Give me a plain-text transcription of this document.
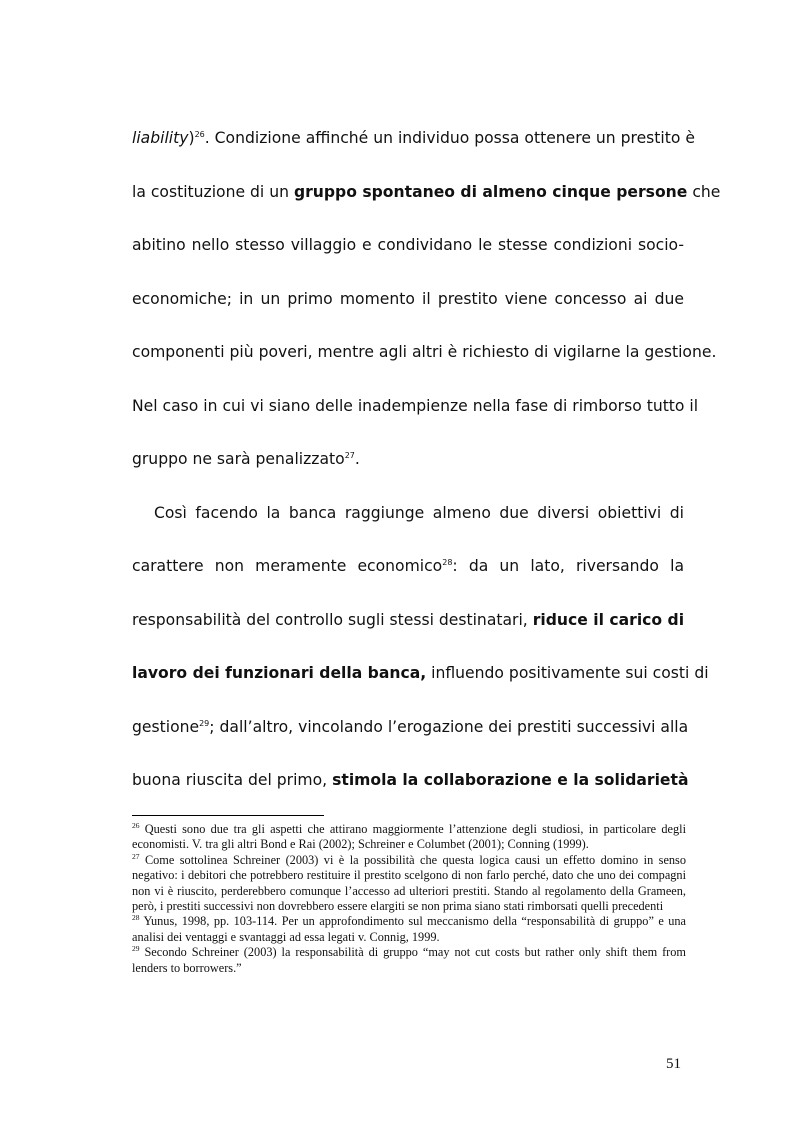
liability)$^{26}$. Condizione affinché un individuo possa ottenere un prestito è
la costituzione di un gruppo spontaneo di almeno cinque persone che
abitino nello stesso villaggio e condividano le stesse condizioni socio-
economiche; in un primo momento il prestito viene concesso ai due
componenti più poveri, mentre agli altri è richiesto di vigilarne la gestione.
Nel caso in cui vi siano delle inadempienze nella fase di rimborso tutto il
gruppo ne sarà penalizzato$^{27}$.
Così facendo la banca raggiunge almeno due diversi obiettivi di
carattere non meramente economico$^{28}$: da un lato, riversando la
responsabilità del controllo sugli stessi destinatari, riduce il carico di
lavoro dei funzionari della banca, influendo positivamente sui costi di
gestione$^{29}$; dall’altro, vincolando l’erogazione dei prestiti successivi alla
buona riuscita del primo, stimola la collaborazione e la solidarietà

$^{26}$ Questi sono due tra gli aspetti che attirano maggiormente l’attenzione degli studiosi, in particolare degli economisti. V. tra gli altri Bond e Rai (2002); Schreiner e Columbet (2001); Conning (1999).

$^{27}$ Come sottolinea Schreiner (2003) vi è la possibilità che questa logica causi un effetto domino in senso negativo: i debitori che potrebbero restituire il prestito scelgono di non farlo perché, dato che uno dei compagni non vi è riuscito, perderebbero comunque l’accesso ad ulteriori prestiti. Stando al regolamento della Grameen, però, i prestiti successivi non dovrebbero essere elargiti se non prima siano stati rimborsati quelli precedenti

$^{28}$ Yunus, 1998, pp. 103-114. Per un approfondimento sul meccanismo della “responsabilità di gruppo” e una analisi dei ventaggi e svantaggi ad essa legati v. Connig, 1999.

$^{29}$ Secondo Schreiner (2003) la responsabilità di gruppo “may not cut costs but rather only shift them from lenders to borrowers.”

51
